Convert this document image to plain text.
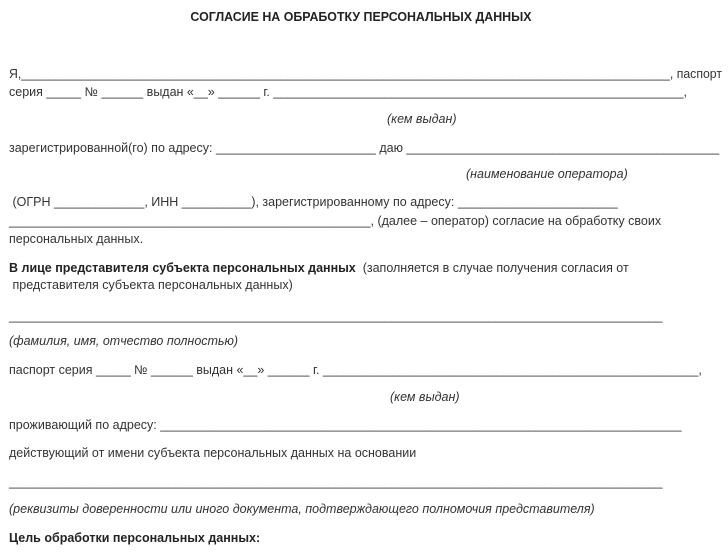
СОГЛАСИЕ НА ОБРАБОТКУ ПЕРСОНАЛЬНЫХ ДАННЫХ
Я,_______________________________________________________________________________________________, паспорт
серия _____ № ______ выдан «__» ______ г. ___________________________________________________________,
(кем выдан)
зарегистрированной(го) по адресу: _______________________ даю _____________________________________________
(наименование оператора)
(ОГРН _____________, ИНН __________), зарегистрированному по адресу: _______________________
____________________________________________________, (далее – оператор) согласие на обработку своих
персональных данных.
В лице представителя субъекта персональных данных  (заполняется в случае получения согласия от
представителя субъекта персональных данных)
______________________________________________________________________________________________
(фамилия, имя, отчество полностью)
паспорт серия _____ № ______ выдан «__» ______ г. ______________________________________________________,
(кем выдан)
проживающий по адресу: ___________________________________________________________________________
действующий от имени субъекта персональных данных на основании
______________________________________________________________________________________________
(реквизиты доверенности или иного документа, подтверждающего полномочия представителя)
Цель обработки персональных данных:
